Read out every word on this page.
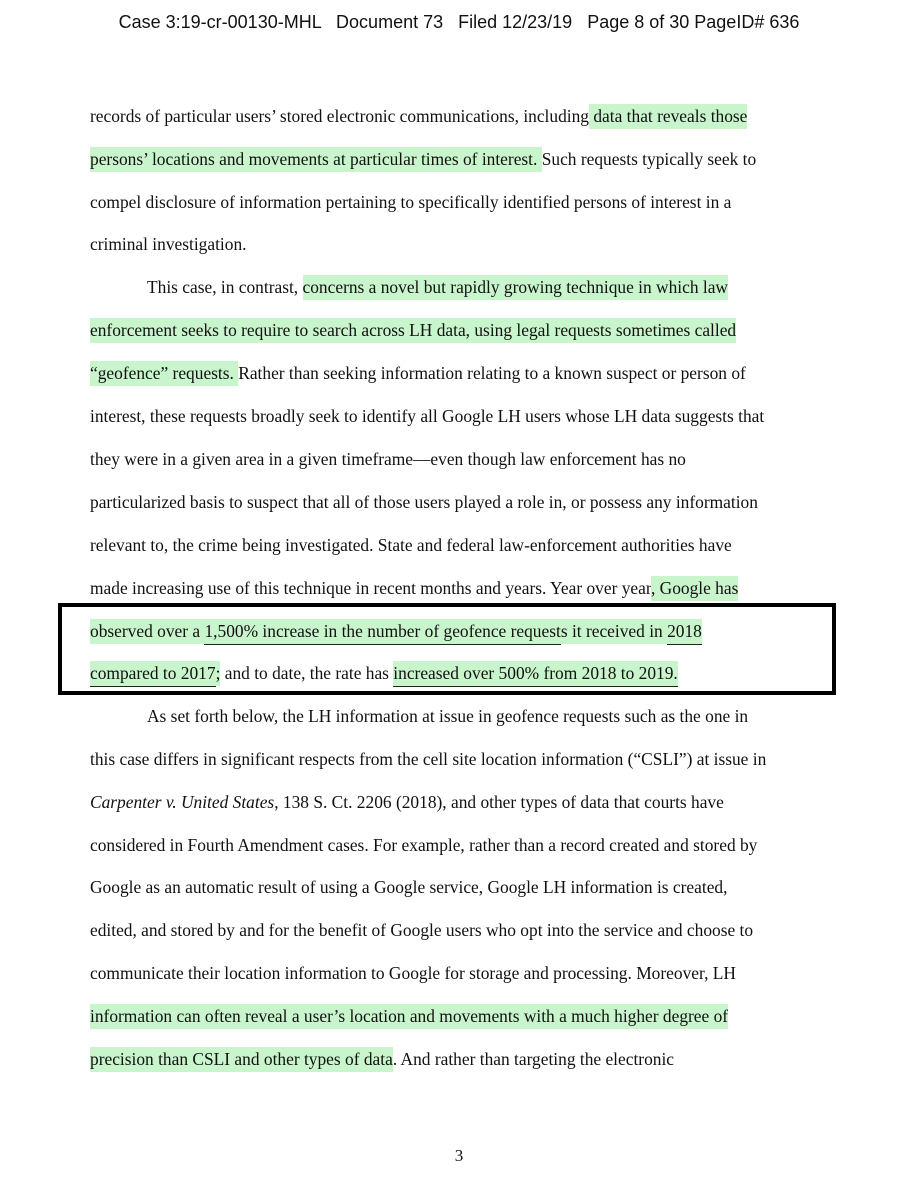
Case 3:19-cr-00130-MHL   Document 73   Filed 12/23/19   Page 8 of 30 PageID# 636
records of particular users’ stored electronic communications, including data that reveals those
persons’ locations and movements at particular times of interest. Such requests typically seek to
compel disclosure of information pertaining to specifically identified persons of interest in a
criminal investigation.
This case, in contrast, concerns a novel but rapidly growing technique in which law
enforcement seeks to require to search across LH data, using legal requests sometimes called
“geofence” requests. Rather than seeking information relating to a known suspect or person of
interest, these requests broadly seek to identify all Google LH users whose LH data suggests that
they were in a given area in a given timeframe—even though law enforcement has no
particularized basis to suspect that all of those users played a role in, or possess any information
relevant to, the crime being investigated. State and federal law-enforcement authorities have
made increasing use of this technique in recent months and years. Year over year, Google has
observed over a 1,500% increase in the number of geofence requests it received in 2018
compared to 2017; and to date, the rate has increased over 500% from 2018 to 2019.
As set forth below, the LH information at issue in geofence requests such as the one in
this case differs in significant respects from the cell site location information (“CSLI”) at issue in
Carpenter v. United States, 138 S. Ct. 2206 (2018), and other types of data that courts have
considered in Fourth Amendment cases. For example, rather than a record created and stored by
Google as an automatic result of using a Google service, Google LH information is created,
edited, and stored by and for the benefit of Google users who opt into the service and choose to
communicate their location information to Google for storage and processing. Moreover, LH
information can often reveal a user’s location and movements with a much higher degree of
precision than CSLI and other types of data. And rather than targeting the electronic
3
